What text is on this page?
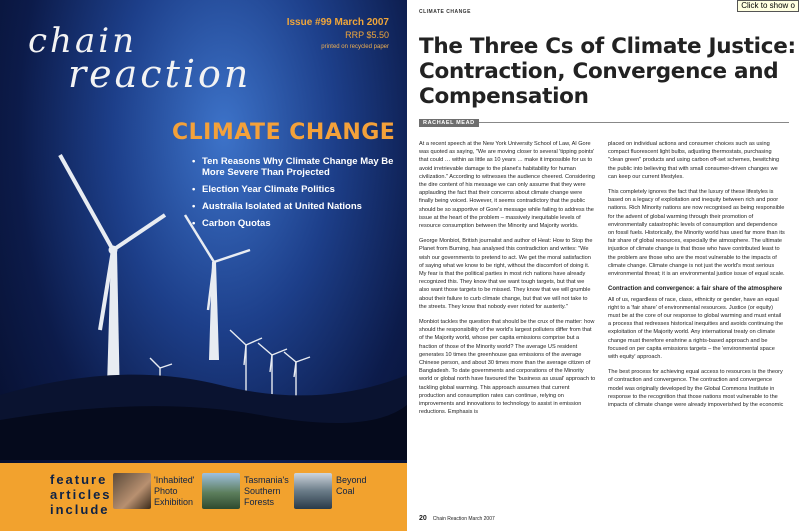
chain
reaction
Issue #99 March 2007
RRP $5.50
printed on recycled paper
CLIMATE CHANGE
• Ten Reasons Why Climate Change May Be More Severe Than Projected
• Election Year Climate Politics
• Australia Isolated at United Nations
• Carbon Quotas
feature
articles
include
'Inhabited' Photo Exhibition
Tasmania's Southern Forests
Beyond Coal
CLIMATE CHANGE
The Three Cs of Climate Justice: Contraction, Convergence and Compensation
RACHAEL MEAD

At a recent speech at the New York University School of Law, Al Gore was quoted as saying, "We are moving closer to several 'tipping points' that could … within as little as 10 years … make it impossible for us to avoid irretrievable damage to the planet's habitability for human civilization." According to witnesses the audience cheered. Considering the dire content of his message we can only assume that they were applauding the fact that their concerns about climate change were finally being voiced. However, it seems contradictory that the public should be so supportive of Gore's message while failing to address the issue at the heart of the problem – massively inequitable levels of resource consumption between the Minority and Majority worlds.

George Monbiot, British journalist and author of Heat: How to Stop the Planet from Burning, has analysed this contradiction and writes: "We wish our governments to pretend to act. We get the moral satisfaction of saying what we know to be right, without the discomfort of doing it. My fear is that the political parties in most rich nations have already recognized this. They know that we want tough targets, but that we also want those targets to be missed. They know that we will grumble about their failure to curb climate change, but that we will not take to the streets. They know that nobody ever rioted for austerity."

Monbiot tackles the question that should be the crux of the matter: how should the responsibility of the world's largest polluters differ from that of the Majority world, whose per capita emissions comprise but a fraction of those of the Minority world? The average US resident generates 10 times the greenhouse gas emissions of the average Chinese person, and about 30 times more than the average citizen of Bangladesh. To date governments and corporations of the Minority world or global north have favoured the 'business as usual' approach to tackling global warming. This approach assumes that current production and consumption rates can continue, relying on improvements and innovations to technology to assist in emission reductions. Emphasis is

placed on individual actions and consumer choices such as using compact fluorescent light bulbs, adjusting thermostats, purchasing "clean green" products and using carbon off-set schemes, bewitching the public into believing that with small consumer-driven changes we can keep our current lifestyles.

This completely ignores the fact that the luxury of these lifestyles is based on a legacy of exploitation and inequity between rich and poor nations. Rich Minority nations are now recognised as being responsible for the advent of global warming through their promotion of environmentally catastrophic levels of consumption and dependence on fossil fuels. Historically, the Minority world has used far more than its fair share of global resources, especially the atmosphere. The ultimate injustice of climate change is that those who have contributed least to the problem are those who are the most vulnerable to the impacts of climate change. Climate change is not just the world's most serious environmental threat; it is an environmental justice issue of equal scale.

Contraction and convergence: a fair share of the atmosphere

All of us, regardless of race, class, ethnicity or gender, have an equal right to a 'fair share' of environmental resources. Justice (or equity) must be at the core of our response to global warming and must entail a process that redresses historical inequities and avoids continuing the exploitation of the Majority world. Any international treaty on climate change must therefore enshrine a rights-based approach and be focused on per capita emissions targets – the 'environmental space with equity' approach.

The best process for achieving equal access to resources is the theory of contraction and convergence. The contraction and convergence model was originally developed by the Global Commons Institute in response to the recognition that those nations most vulnerable to the impacts of climate change were already impoverished by the economic

20 Chain Reaction March 2007
Click to show o
